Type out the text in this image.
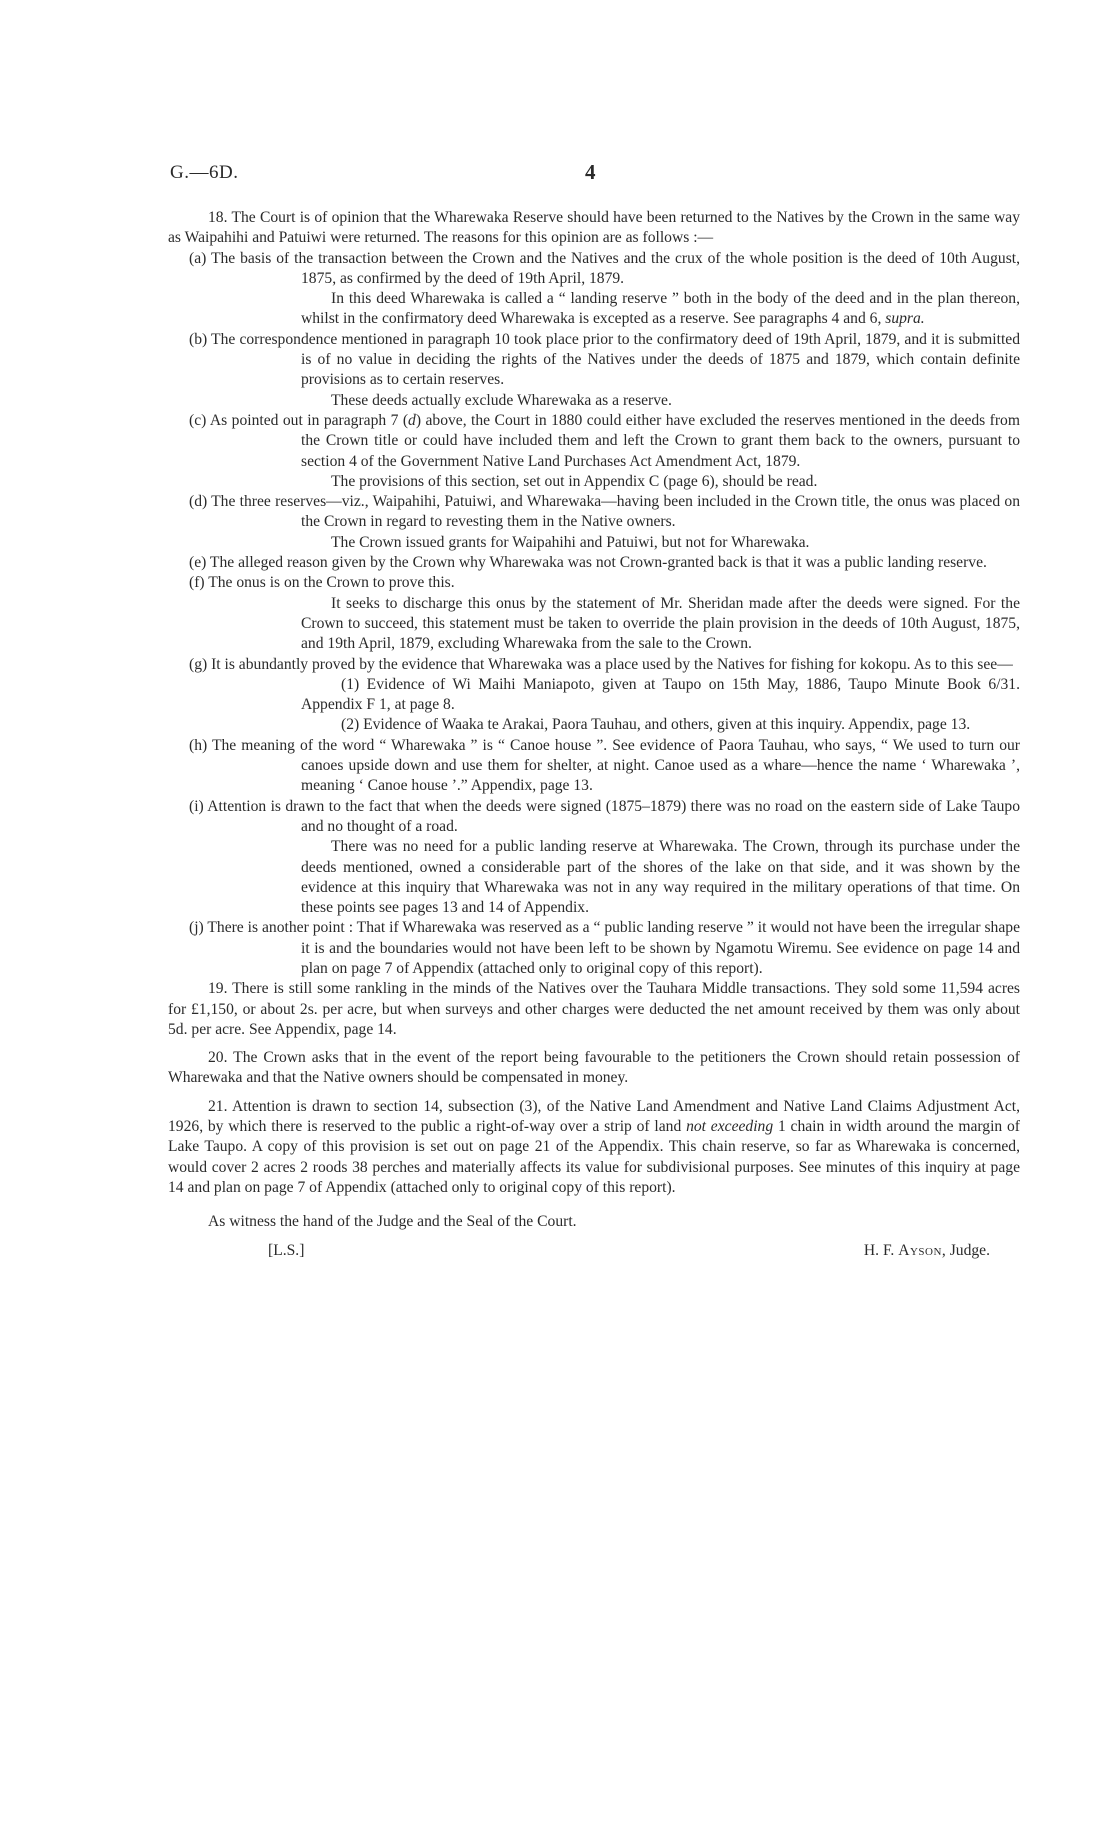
G.—6D.	4

18. The Court is of opinion that the Wharewaka Reserve should have been returned to the Natives by the Crown in the same way as Waipahihi and Patuiwi were returned. The reasons for this opinion are as follows :—

(a) The basis of the transaction between the Crown and the Natives and the crux of the whole position is the deed of 10th August, 1875, as confirmed by the deed of 19th April, 1879.

In this deed Wharewaka is called a “ landing reserve ” both in the body of the deed and in the plan thereon, whilst in the confirmatory deed Wharewaka is excepted as a reserve. See paragraphs 4 and 6, supra.

(b) The correspondence mentioned in paragraph 10 took place prior to the confirmatory deed of 19th April, 1879, and it is submitted is of no value in deciding the rights of the Natives under the deeds of 1875 and 1879, which contain definite provisions as to certain reserves.

These deeds actually exclude Wharewaka as a reserve.

(c) As pointed out in paragraph 7 (d) above, the Court in 1880 could either have excluded the reserves mentioned in the deeds from the Crown title or could have included them and left the Crown to grant them back to the owners, pursuant to section 4 of the Government Native Land Purchases Act Amendment Act, 1879.

The provisions of this section, set out in Appendix C (page 6), should be read.

(d) The three reserves—viz., Waipahihi, Patuiwi, and Wharewaka—having been included in the Crown title, the onus was placed on the Crown in regard to revesting them in the Native owners.

The Crown issued grants for Waipahihi and Patuiwi, but not for Wharewaka.

(e) The alleged reason given by the Crown why Wharewaka was not Crown-granted back is that it was a public landing reserve.

(f) The onus is on the Crown to prove this.

It seeks to discharge this onus by the statement of Mr. Sheridan made after the deeds were signed. For the Crown to succeed, this statement must be taken to override the plain provision in the deeds of 10th August, 1875, and 19th April, 1879, excluding Wharewaka from the sale to the Crown.

(g) It is abundantly proved by the evidence that Wharewaka was a place used by the Natives for fishing for kokopu. As to this see—

(1) Evidence of Wi Maihi Maniapoto, given at Taupo on 15th May, 1886, Taupo Minute Book 6/31. Appendix F 1, at page 8.

(2) Evidence of Waaka te Arakai, Paora Tauhau, and others, given at this inquiry. Appendix, page 13.

(h) The meaning of the word “ Wharewaka ” is “ Canoe house ”. See evidence of Paora Tauhau, who says, “ We used to turn our canoes upside down and use them for shelter, at night. Canoe used as a whare—hence the name ‘ Wharewaka ’, meaning ‘ Canoe house ’.” Appendix, page 13.

(i) Attention is drawn to the fact that when the deeds were signed (1875–1879) there was no road on the eastern side of Lake Taupo and no thought of a road.

There was no need for a public landing reserve at Wharewaka. The Crown, through its purchase under the deeds mentioned, owned a considerable part of the shores of the lake on that side, and it was shown by the evidence at this inquiry that Wharewaka was not in any way required in the military operations of that time. On these points see pages 13 and 14 of Appendix.

(j) There is another point : That if Wharewaka was reserved as a “ public landing reserve ” it would not have been the irregular shape it is and the boundaries would not have been left to be shown by Ngamotu Wiremu. See evidence on page 14 and plan on page 7 of Appendix (attached only to original copy of this report).

19. There is still some rankling in the minds of the Natives over the Tauhara Middle transactions. They sold some 11,594 acres for £1,150, or about 2s. per acre, but when surveys and other charges were deducted the net amount received by them was only about 5d. per acre. See Appendix, page 14.

20. The Crown asks that in the event of the report being favourable to the petitioners the Crown should retain possession of Wharewaka and that the Native owners should be compensated in money.

21. Attention is drawn to section 14, subsection (3), of the Native Land Amendment and Native Land Claims Adjustment Act, 1926, by which there is reserved to the public a right-of-way over a strip of land not exceeding 1 chain in width around the margin of Lake Taupo. A copy of this provision is set out on page 21 of the Appendix. This chain reserve, so far as Wharewaka is concerned, would cover 2 acres 2 roods 38 perches and materially affects its value for subdivisional purposes. See minutes of this inquiry at page 14 and plan on page 7 of Appendix (attached only to original copy of this report).

As witness the hand of the Judge and the Seal of the Court.

[L.S.]	H. F. Ayson, Judge.
